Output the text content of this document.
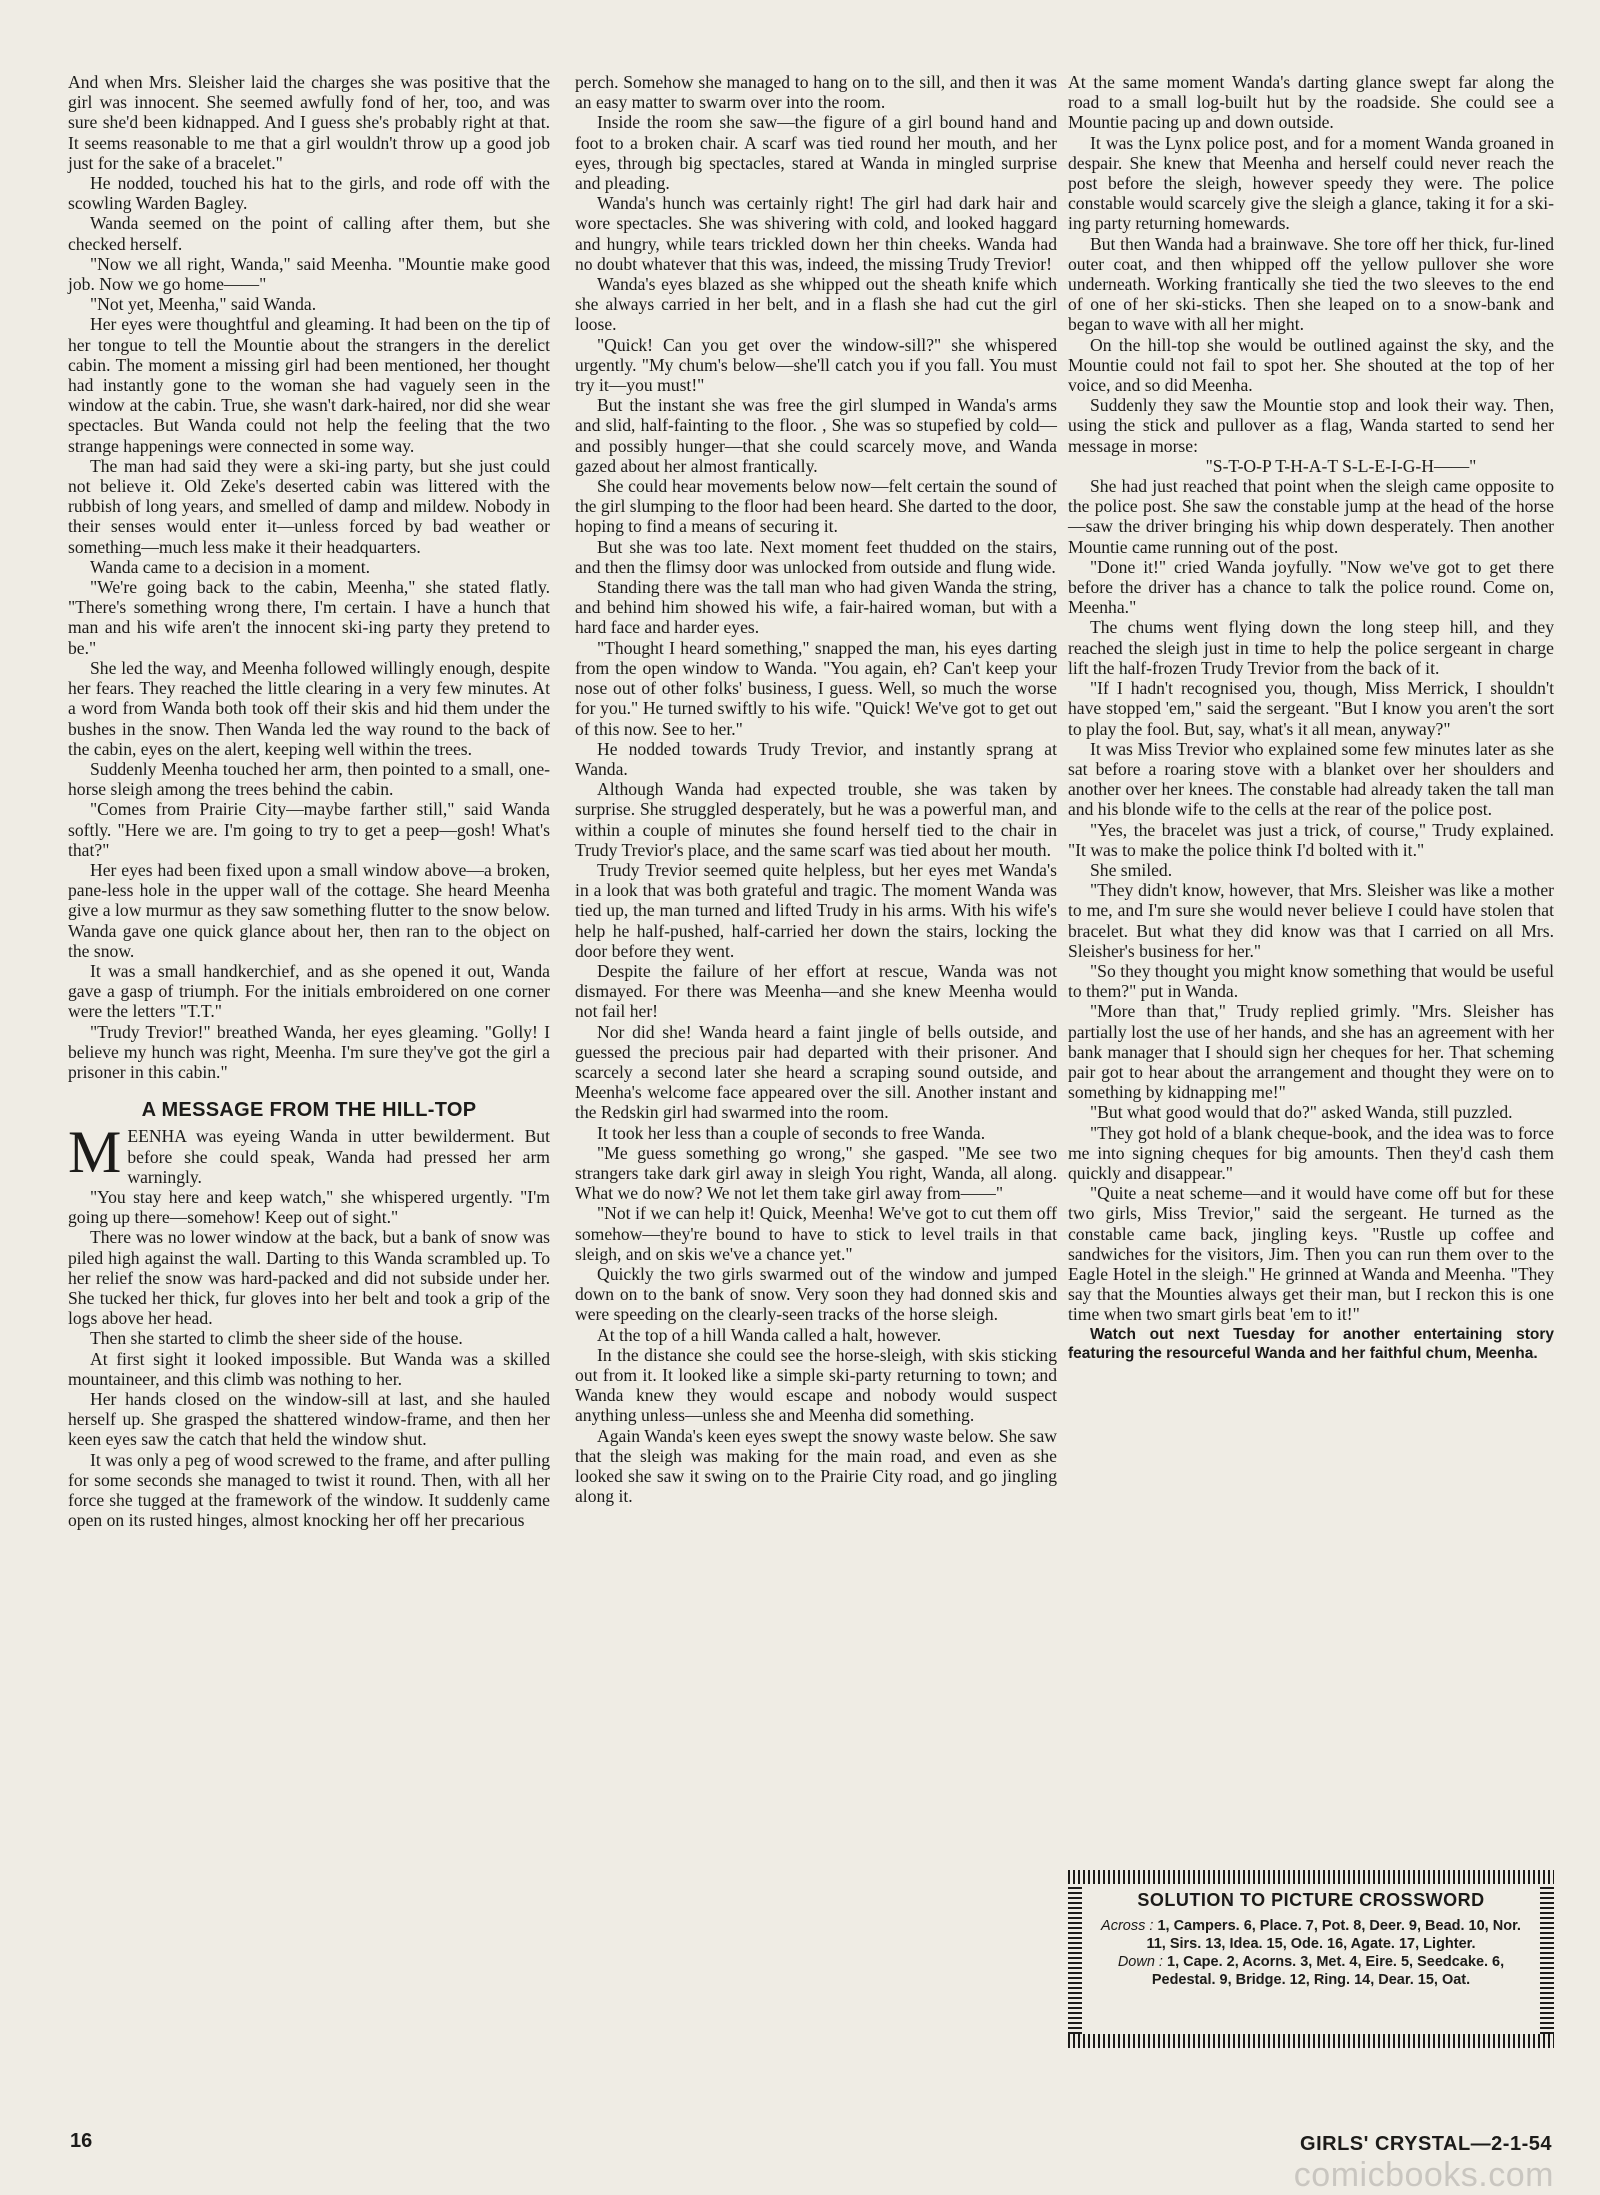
And when Mrs. Sleisher laid the charges she was positive that the girl was innocent. She seemed awfully fond of her, too, and was sure she'd been kidnapped. And I guess she's probably right at that. It seems reasonable to me that a girl wouldn't throw up a good job just for the sake of a bracelet."

He nodded, touched his hat to the girls, and rode off with the scowling Warden Bagley.

Wanda seemed on the point of calling after them, but she checked herself.

"Now we all right, Wanda," said Meenha. "Mountie make good job. Now we go home——"

"Not yet, Meenha," said Wanda.

Her eyes were thoughtful and gleaming. It had been on the tip of her tongue to tell the Mountie about the strangers in the derelict cabin. The moment a missing girl had been mentioned, her thought had instantly gone to the woman she had vaguely seen in the window at the cabin. True, she wasn't dark-haired, nor did she wear spectacles. But Wanda could not help the feeling that the two strange happenings were connected in some way.

The man had said they were a ski-ing party, but she just could not believe it. Old Zeke's deserted cabin was littered with the rubbish of long years, and smelled of damp and mildew. Nobody in their senses would enter it—unless forced by bad weather or something—much less make it their headquarters.

Wanda came to a decision in a moment.

"We're going back to the cabin, Meenha," she stated flatly. "There's something wrong there, I'm certain. I have a hunch that man and his wife aren't the innocent ski-ing party they pretend to be."

She led the way, and Meenha followed willingly enough, despite her fears. They reached the little clearing in a very few minutes. At a word from Wanda both took off their skis and hid them under the bushes in the snow. Then Wanda led the way round to the back of the cabin, eyes on the alert, keeping well within the trees.

Suddenly Meenha touched her arm, then pointed to a small, one-horse sleigh among the trees behind the cabin.

"Comes from Prairie City—maybe farther still," said Wanda softly. "Here we are. I'm going to try to get a peep—gosh! What's that?"

Her eyes had been fixed upon a small window above—a broken, pane-less hole in the upper wall of the cottage. She heard Meenha give a low murmur as they saw something flutter to the snow below. Wanda gave one quick glance about her, then ran to the object on the snow.

It was a small handkerchief, and as she opened it out, Wanda gave a gasp of triumph. For the initials embroidered on one corner were the letters "T.T."

"Trudy Trevior!" breathed Wanda, her eyes gleaming. "Golly! I believe my hunch was right, Meenha. I'm sure they've got the girl a prisoner in this cabin."

A MESSAGE FROM THE HILL-TOP

MEENHA was eyeing Wanda in utter bewilderment. But before she could speak, Wanda had pressed her arm warningly.

"You stay here and keep watch," she whispered urgently. "I'm going up there—somehow! Keep out of sight."

There was no lower window at the back, but a bank of snow was piled high against the wall. Darting to this Wanda scrambled up. To her relief the snow was hard-packed and did not subside under her. She tucked her thick, fur gloves into her belt and took a grip of the logs above her head.

Then she started to climb the sheer side of the house.

At first sight it looked impossible. But Wanda was a skilled mountaineer, and this climb was nothing to her.

Her hands closed on the window-sill at last, and she hauled herself up. She grasped the shattered window-frame, and then her keen eyes saw the catch that held the window shut.

It was only a peg of wood screwed to the frame, and after pulling for some seconds she managed to twist it round. Then, with all her force she tugged at the framework of the window. It suddenly came open on its rusted hinges, almost knocking her off her precarious

perch. Somehow she managed to hang on to the sill, and then it was an easy matter to swarm over into the room.

Inside the room she saw—the figure of a girl bound hand and foot to a broken chair. A scarf was tied round her mouth, and her eyes, through big spectacles, stared at Wanda in mingled surprise and pleading.

Wanda's hunch was certainly right! The girl had dark hair and wore spectacles. She was shivering with cold, and looked haggard and hungry, while tears trickled down her thin cheeks. Wanda had no doubt whatever that this was, indeed, the missing Trudy Trevior!

Wanda's eyes blazed as she whipped out the sheath knife which she always carried in her belt, and in a flash she had cut the girl loose.

"Quick! Can you get over the window-sill?" she whispered urgently. "My chum's below—she'll catch you if you fall. You must try it—you must!"

But the instant she was free the girl slumped in Wanda's arms and slid, half-fainting to the floor. , She was so stupefied by cold—and possibly hunger—that she could scarcely move, and Wanda gazed about her almost frantically.

She could hear movements below now—felt certain the sound of the girl slumping to the floor had been heard. She darted to the door, hoping to find a means of securing it.

But she was too late. Next moment feet thudded on the stairs, and then the flimsy door was unlocked from outside and flung wide.

Standing there was the tall man who had given Wanda the string, and behind him showed his wife, a fair-haired woman, but with a hard face and harder eyes.

"Thought I heard something," snapped the man, his eyes darting from the open window to Wanda. "You again, eh? Can't keep your nose out of other folks' business, I guess. Well, so much the worse for you." He turned swiftly to his wife. "Quick! We've got to get out of this now. See to her."

He nodded towards Trudy Trevior, and instantly sprang at Wanda.

Although Wanda had expected trouble, she was taken by surprise. She struggled desperately, but he was a powerful man, and within a couple of minutes she found herself tied to the chair in Trudy Trevior's place, and the same scarf was tied about her mouth.

Trudy Trevior seemed quite helpless, but her eyes met Wanda's in a look that was both grateful and tragic. The moment Wanda was tied up, the man turned and lifted Trudy in his arms. With his wife's help he half-pushed, half-carried her down the stairs, locking the door before they went.

Despite the failure of her effort at rescue, Wanda was not dismayed. For there was Meenha—and she knew Meenha would not fail her!

Nor did she! Wanda heard a faint jingle of bells outside, and guessed the precious pair had departed with their prisoner. And scarcely a second later she heard a scraping sound outside, and Meenha's welcome face appeared over the sill. Another instant and the Redskin girl had swarmed into the room.

It took her less than a couple of seconds to free Wanda.

"Me guess something go wrong," she gasped. "Me see two strangers take dark girl away in sleigh You right, Wanda, all along. What we do now? We not let them take girl away from——"

"Not if we can help it! Quick, Meenha! We've got to cut them off somehow—they're bound to have to stick to level trails in that sleigh, and on skis we've a chance yet."

Quickly the two girls swarmed out of the window and jumped down on to the bank of snow. Very soon they had donned skis and were speeding on the clearly-seen tracks of the horse sleigh.

At the top of a hill Wanda called a halt, however.

In the distance she could see the horse-sleigh, with skis sticking out from it. It looked like a simple ski-party returning to town; and Wanda knew they would escape and nobody would suspect anything unless—unless she and Meenha did something.

Again Wanda's keen eyes swept the snowy waste below. She saw that the sleigh was making for the main road, and even as she looked she saw it swing on to the Prairie City road, and go jingling along it.

At the same moment Wanda's darting glance swept far along the road to a small log-built hut by the roadside. She could see a Mountie pacing up and down outside.

It was the Lynx police post, and for a moment Wanda groaned in despair. She knew that Meenha and herself could never reach the post before the sleigh, however speedy they were. The police constable would scarcely give the sleigh a glance, taking it for a ski-ing party returning homewards.

But then Wanda had a brainwave. She tore off her thick, fur-lined outer coat, and then whipped off the yellow pullover she wore underneath. Working frantically she tied the two sleeves to the end of one of her ski-sticks. Then she leaped on to a snow-bank and began to wave with all her might.

On the hill-top she would be outlined against the sky, and the Mountie could not fail to spot her. She shouted at the top of her voice, and so did Meenha.

Suddenly they saw the Mountie stop and look their way. Then, using the stick and pullover as a flag, Wanda started to send her message in morse:

"S-T-O-P T-H-A-T S-L-E-I-G-H——"

She had just reached that point when the sleigh came opposite to the police post. She saw the constable jump at the head of the horse—saw the driver bringing his whip down desperately. Then another Mountie came running out of the post.

"Done it!" cried Wanda joyfully. "Now we've got to get there before the driver has a chance to talk the police round. Come on, Meenha."

The chums went flying down the long steep hill, and they reached the sleigh just in time to help the police sergeant in charge lift the half-frozen Trudy Trevior from the back of it.

"If I hadn't recognised you, though, Miss Merrick, I shouldn't have stopped 'em," said the sergeant. "But I know you aren't the sort to play the fool. But, say, what's it all mean, anyway?"

It was Miss Trevior who explained some few minutes later as she sat before a roaring stove with a blanket over her shoulders and another over her knees. The constable had already taken the tall man and his blonde wife to the cells at the rear of the police post.

"Yes, the bracelet was just a trick, of course," Trudy explained. "It was to make the police think I'd bolted with it."

She smiled.

"They didn't know, however, that Mrs. Sleisher was like a mother to me, and I'm sure she would never believe I could have stolen that bracelet. But what they did know was that I carried on all Mrs. Sleisher's business for her."

"So they thought you might know something that would be useful to them?" put in Wanda.

"More than that," Trudy replied grimly. "Mrs. Sleisher has partially lost the use of her hands, and she has an agreement with her bank manager that I should sign her cheques for her. That scheming pair got to hear about the arrangement and thought they were on to something by kidnapping me!"

"But what good would that do?" asked Wanda, still puzzled.

"They got hold of a blank cheque-book, and the idea was to force me into signing cheques for big amounts. Then they'd cash them quickly and disappear."

"Quite a neat scheme—and it would have come off but for these two girls, Miss Trevior," said the sergeant. He turned as the constable came back, jingling keys. "Rustle up coffee and sandwiches for the visitors, Jim. Then you can run them over to the Eagle Hotel in the sleigh." He grinned at Wanda and Meenha. "They say that the Mounties always get their man, but I reckon this is one time when two smart girls beat 'em to it!"

Watch out next Tuesday for another entertaining story featuring the resourceful Wanda and her faithful chum, Meenha.

SOLUTION TO PICTURE CROSSWORD
Across : 1, Campers. 6, Place. 7, Pot. 8, Deer. 9, Bead. 10, Nor. 11, Sirs. 13, Idea. 15, Ode. 16, Agate. 17, Lighter.
Down : 1, Cape. 2, Acorns. 3, Met. 4, Eire. 5, Seedcake. 6, Pedestal. 9, Bridge. 12, Ring. 14, Dear. 15, Oat.
16	GIRLS' CRYSTAL—2-1-54
comicbooks.com
